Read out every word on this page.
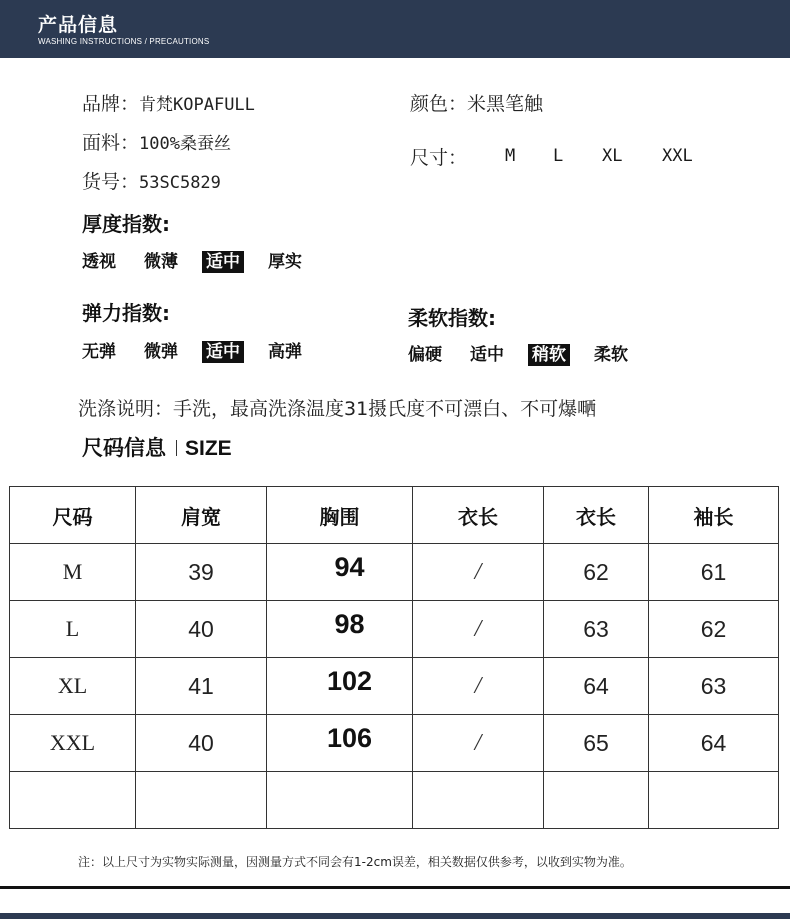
产品信息
WASHING INSTRUCTIONS / PRECAUTIONS
品牌：肯梵KOPAFULL
面料：100%桑蚕丝
货号：53SC5829
颜色：米黑笔触
尺寸： M L XL XXL
厚度指数:
透视 微薄 适中 厚实
弹力指数:
无弹 微弹 适中 高弹
柔软指数:
偏硬 适中 稍软 柔软
洗涤说明：手洗，最高洗涤温度31摄氏度不可漂白、不可爆嗮
尺码信息 SIZE
尺码	肩宽	胸围	衣长	衣长	袖长
M	39	94	/	62	61
L	40	98	/	63	62
XL	41	102	/	64	63
XXL	40	106	/	65	64

注：以上尺寸为实物实际测量，因测量方式不同会有1-2cm误差，相关数据仅供参考，以收到实物为准。
